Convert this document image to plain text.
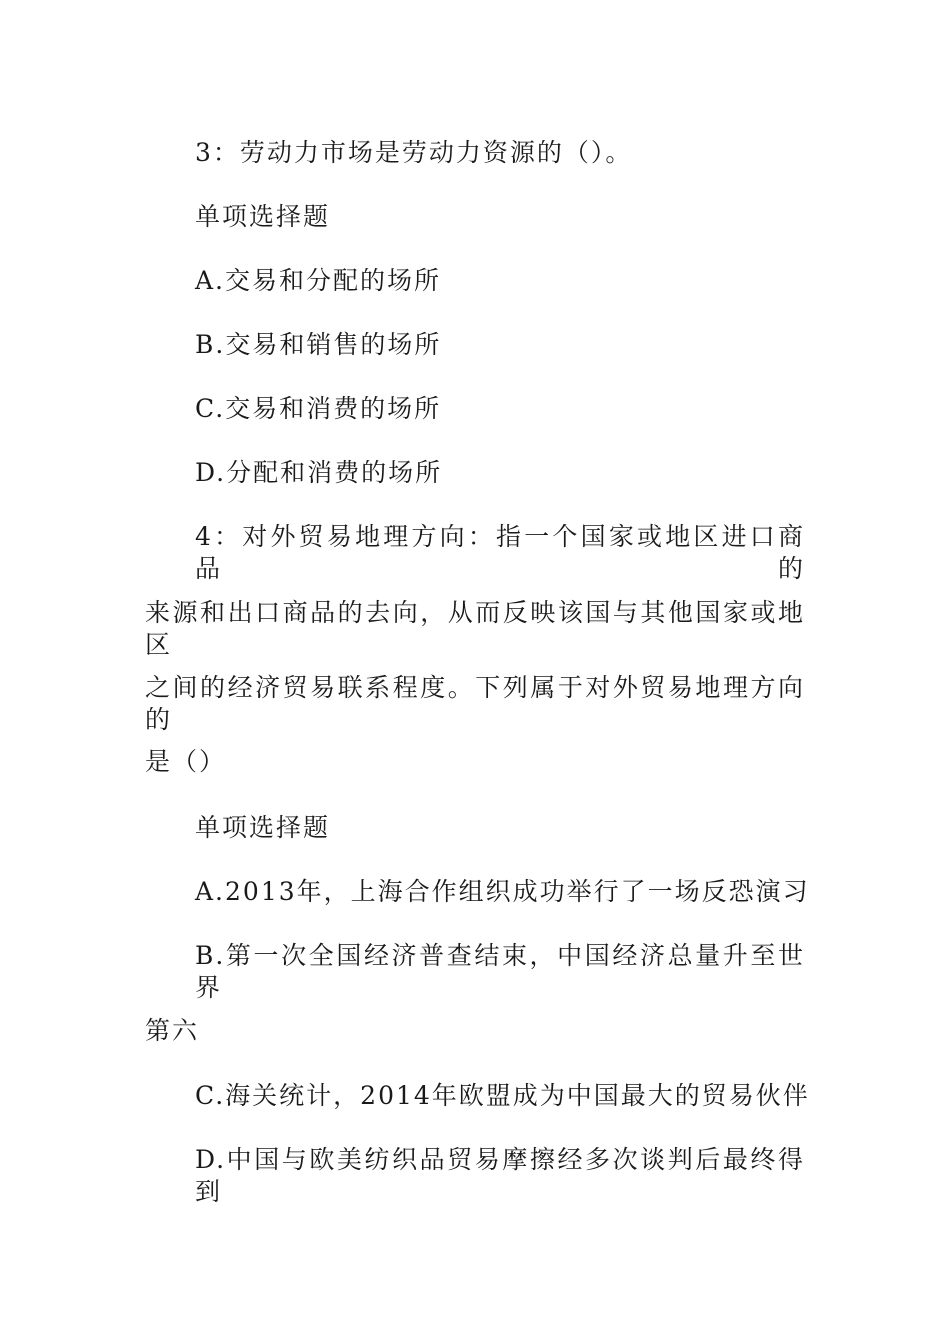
3：劳动力市场是劳动力资源的（）。
单项选择题
A.交易和分配的场所
B.交易和销售的场所
C.交易和消费的场所
D.分配和消费的场所
4：对外贸易地理方向：指一个国家或地区进口商品的
来源和出口商品的去向，从而反映该国与其他国家或地区
之间的经济贸易联系程度。下列属于对外贸易地理方向的
是（）
单项选择题
A.2013年，上海合作组织成功举行了一场反恐演习
B.第一次全国经济普查结束，中国经济总量升至世界
第六
C.海关统计，2014年欧盟成为中国最大的贸易伙伴
D.中国与欧美纺织品贸易摩擦经多次谈判后最终得到
